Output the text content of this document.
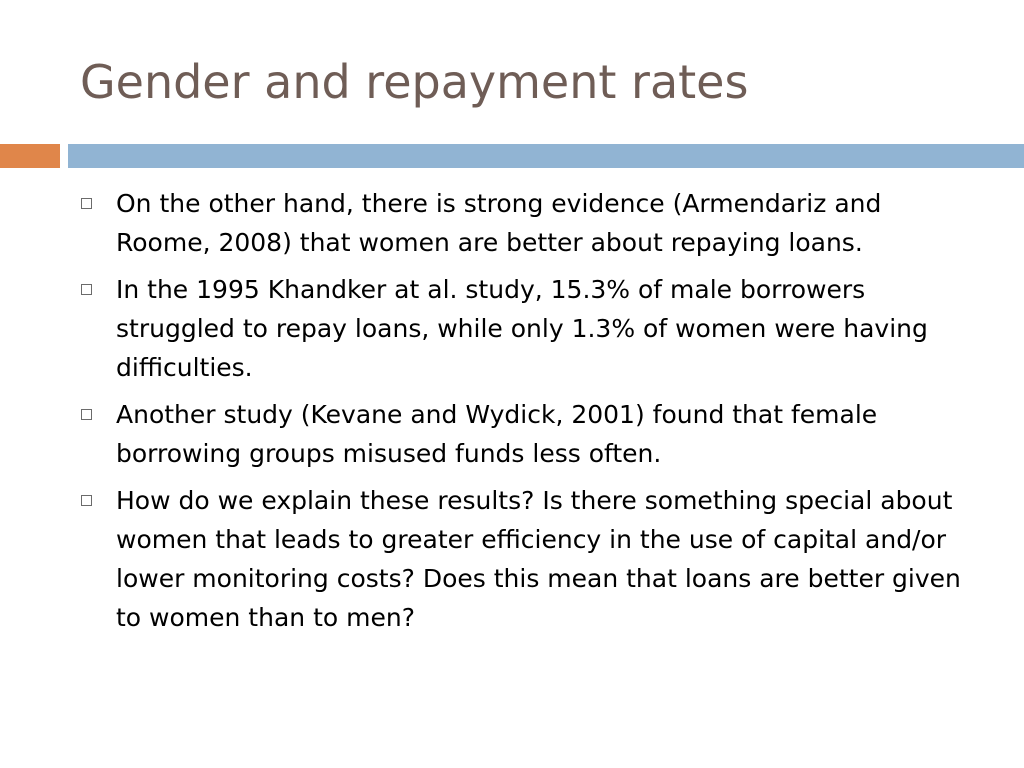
Gender and repayment rates
On the other hand, there is strong evidence (Armendariz and Roome, 2008) that women are better about repaying loans.
In the 1995 Khandker at al. study, 15.3% of male borrowers struggled to repay loans, while only 1.3% of women were having difficulties.
Another study (Kevane and Wydick, 2001) found that female borrowing groups misused funds less often.
How do we explain these results? Is there something special about women that leads to greater efficiency in the use of capital and/or lower monitoring costs? Does this mean that loans are better given to women than to men?
